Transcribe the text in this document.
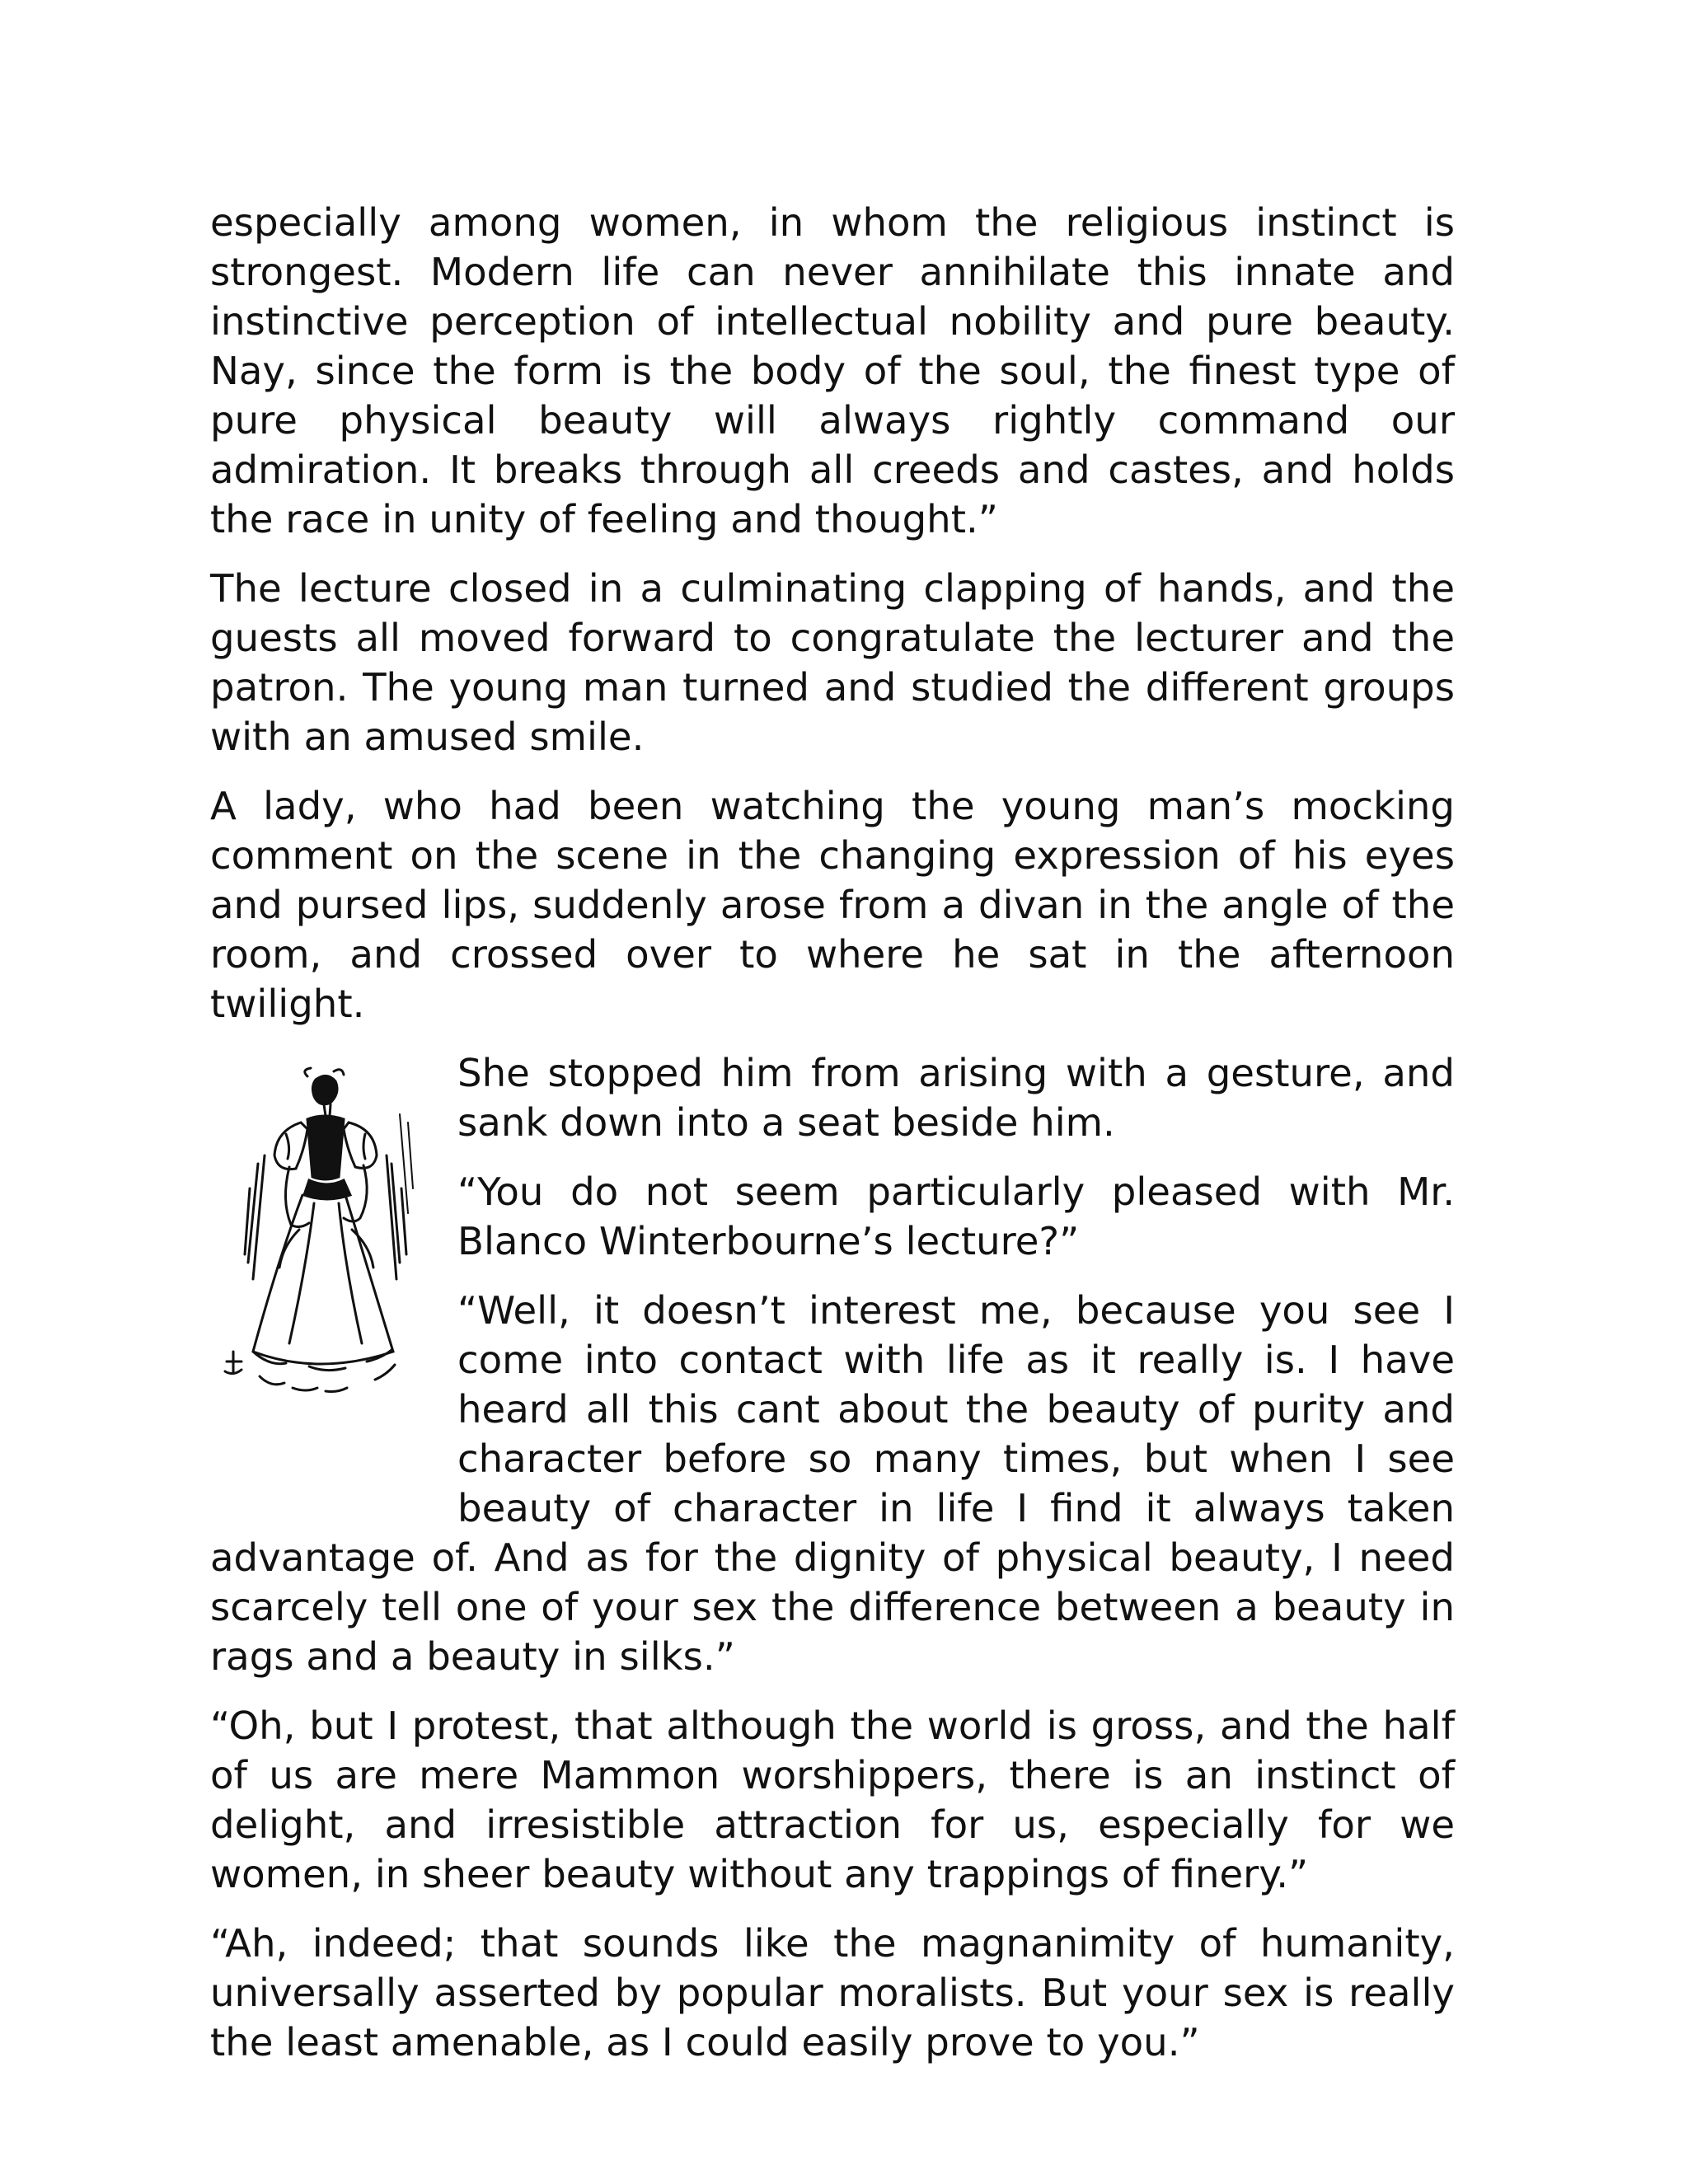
especially among women, in whom the religious instinct is strongest. Modern life can never annihilate this innate and instinctive perception of intellectual nobility and pure beauty. Nay, since the form is the body of the soul, the finest type of pure physical beauty will always rightly command our admiration. It breaks through all creeds and castes, and holds the race in unity of feeling and thought.”

The lecture closed in a culminating clapping of hands, and the guests all moved forward to congratulate the lecturer and the patron. The young man turned and studied the different groups with an amused smile.

A lady, who had been watching the young man’s mocking comment on the scene in the changing expression of his eyes and pursed lips, suddenly arose from a divan in the angle of the room, and crossed over to where he sat in the afternoon twilight.

She stopped him from arising with a gesture, and sank down into a seat beside him.

“You do not seem particularly pleased with Mr. Blanco Winterbourne’s lecture?”

“Well, it doesn’t interest me, because you see I come into contact with life as it really is. I have heard all this cant about the beauty of purity and character before so many times, but when I see beauty of character in life I find it always taken advantage of. And as for the dignity of physical beauty, I need scarcely tell one of your sex the difference between a beauty in rags and a beauty in silks.”

“Oh, but I protest, that although the world is gross, and the half of us are mere Mammon worshippers, there is an instinct of delight, and irresistible attraction for us, especially for we women, in sheer beauty without any trappings of finery.”

“Ah, indeed; that sounds like the magnanimity of humanity, universally asserted by popular moralists. But your sex is really the least amenable, as I could easily prove to you.”
